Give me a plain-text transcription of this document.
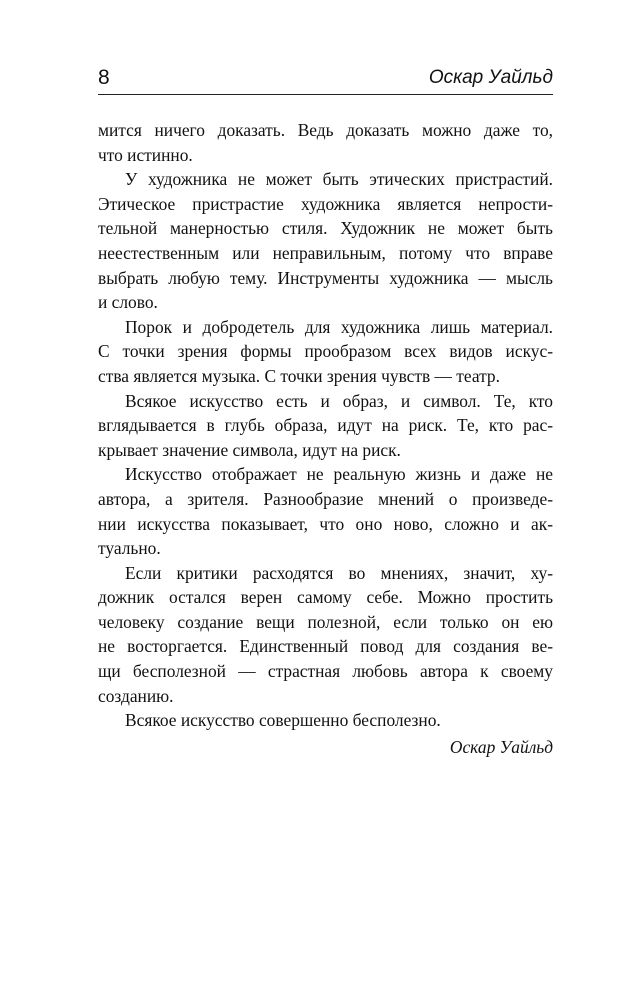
8	Оскар Уайльд

мится ничего доказать. Ведь доказать можно даже то,
что истинно.

У художника не может быть этических пристрастий.
Этическое пристрастие художника является непрости-
тельной манерностью стиля. Художник не может быть
неестественным или неправильным, потому что вправе
выбрать любую тему. Инструменты художника — мысль
и слово.

Порок и добродетель для художника лишь материал.
С точки зрения формы прообразом всех видов искус-
ства является музыка. С точки зрения чувств — театр.

Всякое искусство есть и образ, и символ. Те, кто
вглядывается в глубь образа, идут на риск. Те, кто рас-
крывает значение символа, идут на риск.

Искусство отображает не реальную жизнь и даже не
автора, а зрителя. Разнообразие мнений о произведе-
нии искусства показывает, что оно ново, сложно и ак-
туально.

Если критики расходятся во мнениях, значит, ху-
дожник остался верен самому себе. Можно простить
человеку создание вещи полезной, если только он ею
не восторгается. Единственный повод для создания ве-
щи бесполезной — страстная любовь автора к своему
созданию.

Всякое искусство совершенно бесполезно.

Оскар Уайльд
